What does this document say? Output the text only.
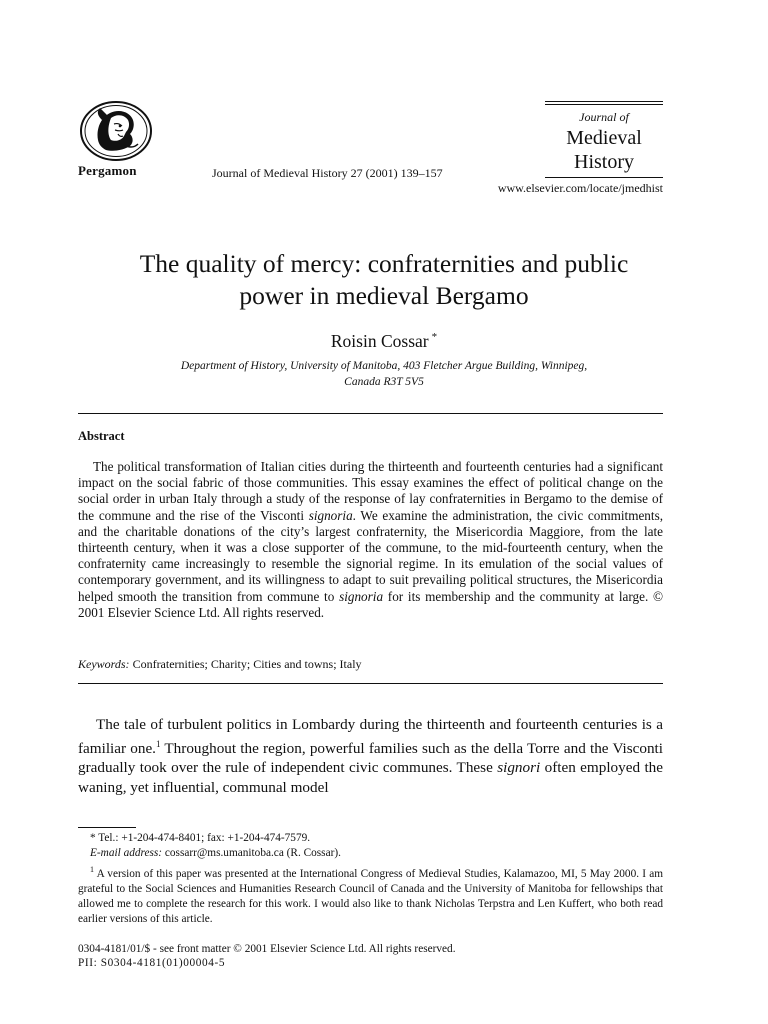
Pergamon	Journal of Medieval History 27 (2001) 139–157
Journal of
Medieval
History
www.elsevier.com/locate/jmedhist
The quality of mercy: confraternities and public
power in medieval Bergamo
Roisin Cossar *
Department of History, University of Manitoba, 403 Fletcher Argue Building, Winnipeg,
Canada R3T 5V5
Abstract

The political transformation of Italian cities during the thirteenth and fourteenth centuries had a significant impact on the social fabric of those communities. This essay examines the effect of political change on the social order in urban Italy through a study of the response of lay confraternities in Bergamo to the demise of the commune and the rise of the Visconti signoria. We examine the administration, the civic commitments, and the charitable donations of the city’s largest confraternity, the Misericordia Maggiore, from the late thirteenth century, when it was a close supporter of the commune, to the mid-fourteenth century, when the confraternity came increasingly to resemble the signorial regime. In its emulation of the social values of contemporary government, and its willingness to adapt to suit prevailing political structures, the Misericordia helped smooth the transition from commune to signoria for its membership and the community at large. © 2001 Elsevier Science Ltd. All rights reserved.

Keywords: Confraternities; Charity; Cities and towns; Italy

The tale of turbulent politics in Lombardy during the thirteenth and fourteenth centuries is a familiar one.$^1$ Throughout the region, powerful families such as the della Torre and the Visconti gradually took over the rule of independent civic communes. These signori often employed the waning, yet influential, communal model

* Tel.: +1-204-474-8401; fax: +1-204-474-7579.

E-mail address: cossarr@ms.umanitoba.ca (R. Cossar).

$^1$ A version of this paper was presented at the International Congress of Medieval Studies, Kalamazoo, MI, 5 May 2000. I am grateful to the Social Sciences and Humanities Research Council of Canada and the University of Manitoba for fellowships that allowed me to complete the research for this work. I would also like to thank Nicholas Terpstra and Len Kuffert, who both read earlier versions of this article.

0304-4181/01/$ - see front matter © 2001 Elsevier Science Ltd. All rights reserved.
PII: S0304-4181(01)00004-5
